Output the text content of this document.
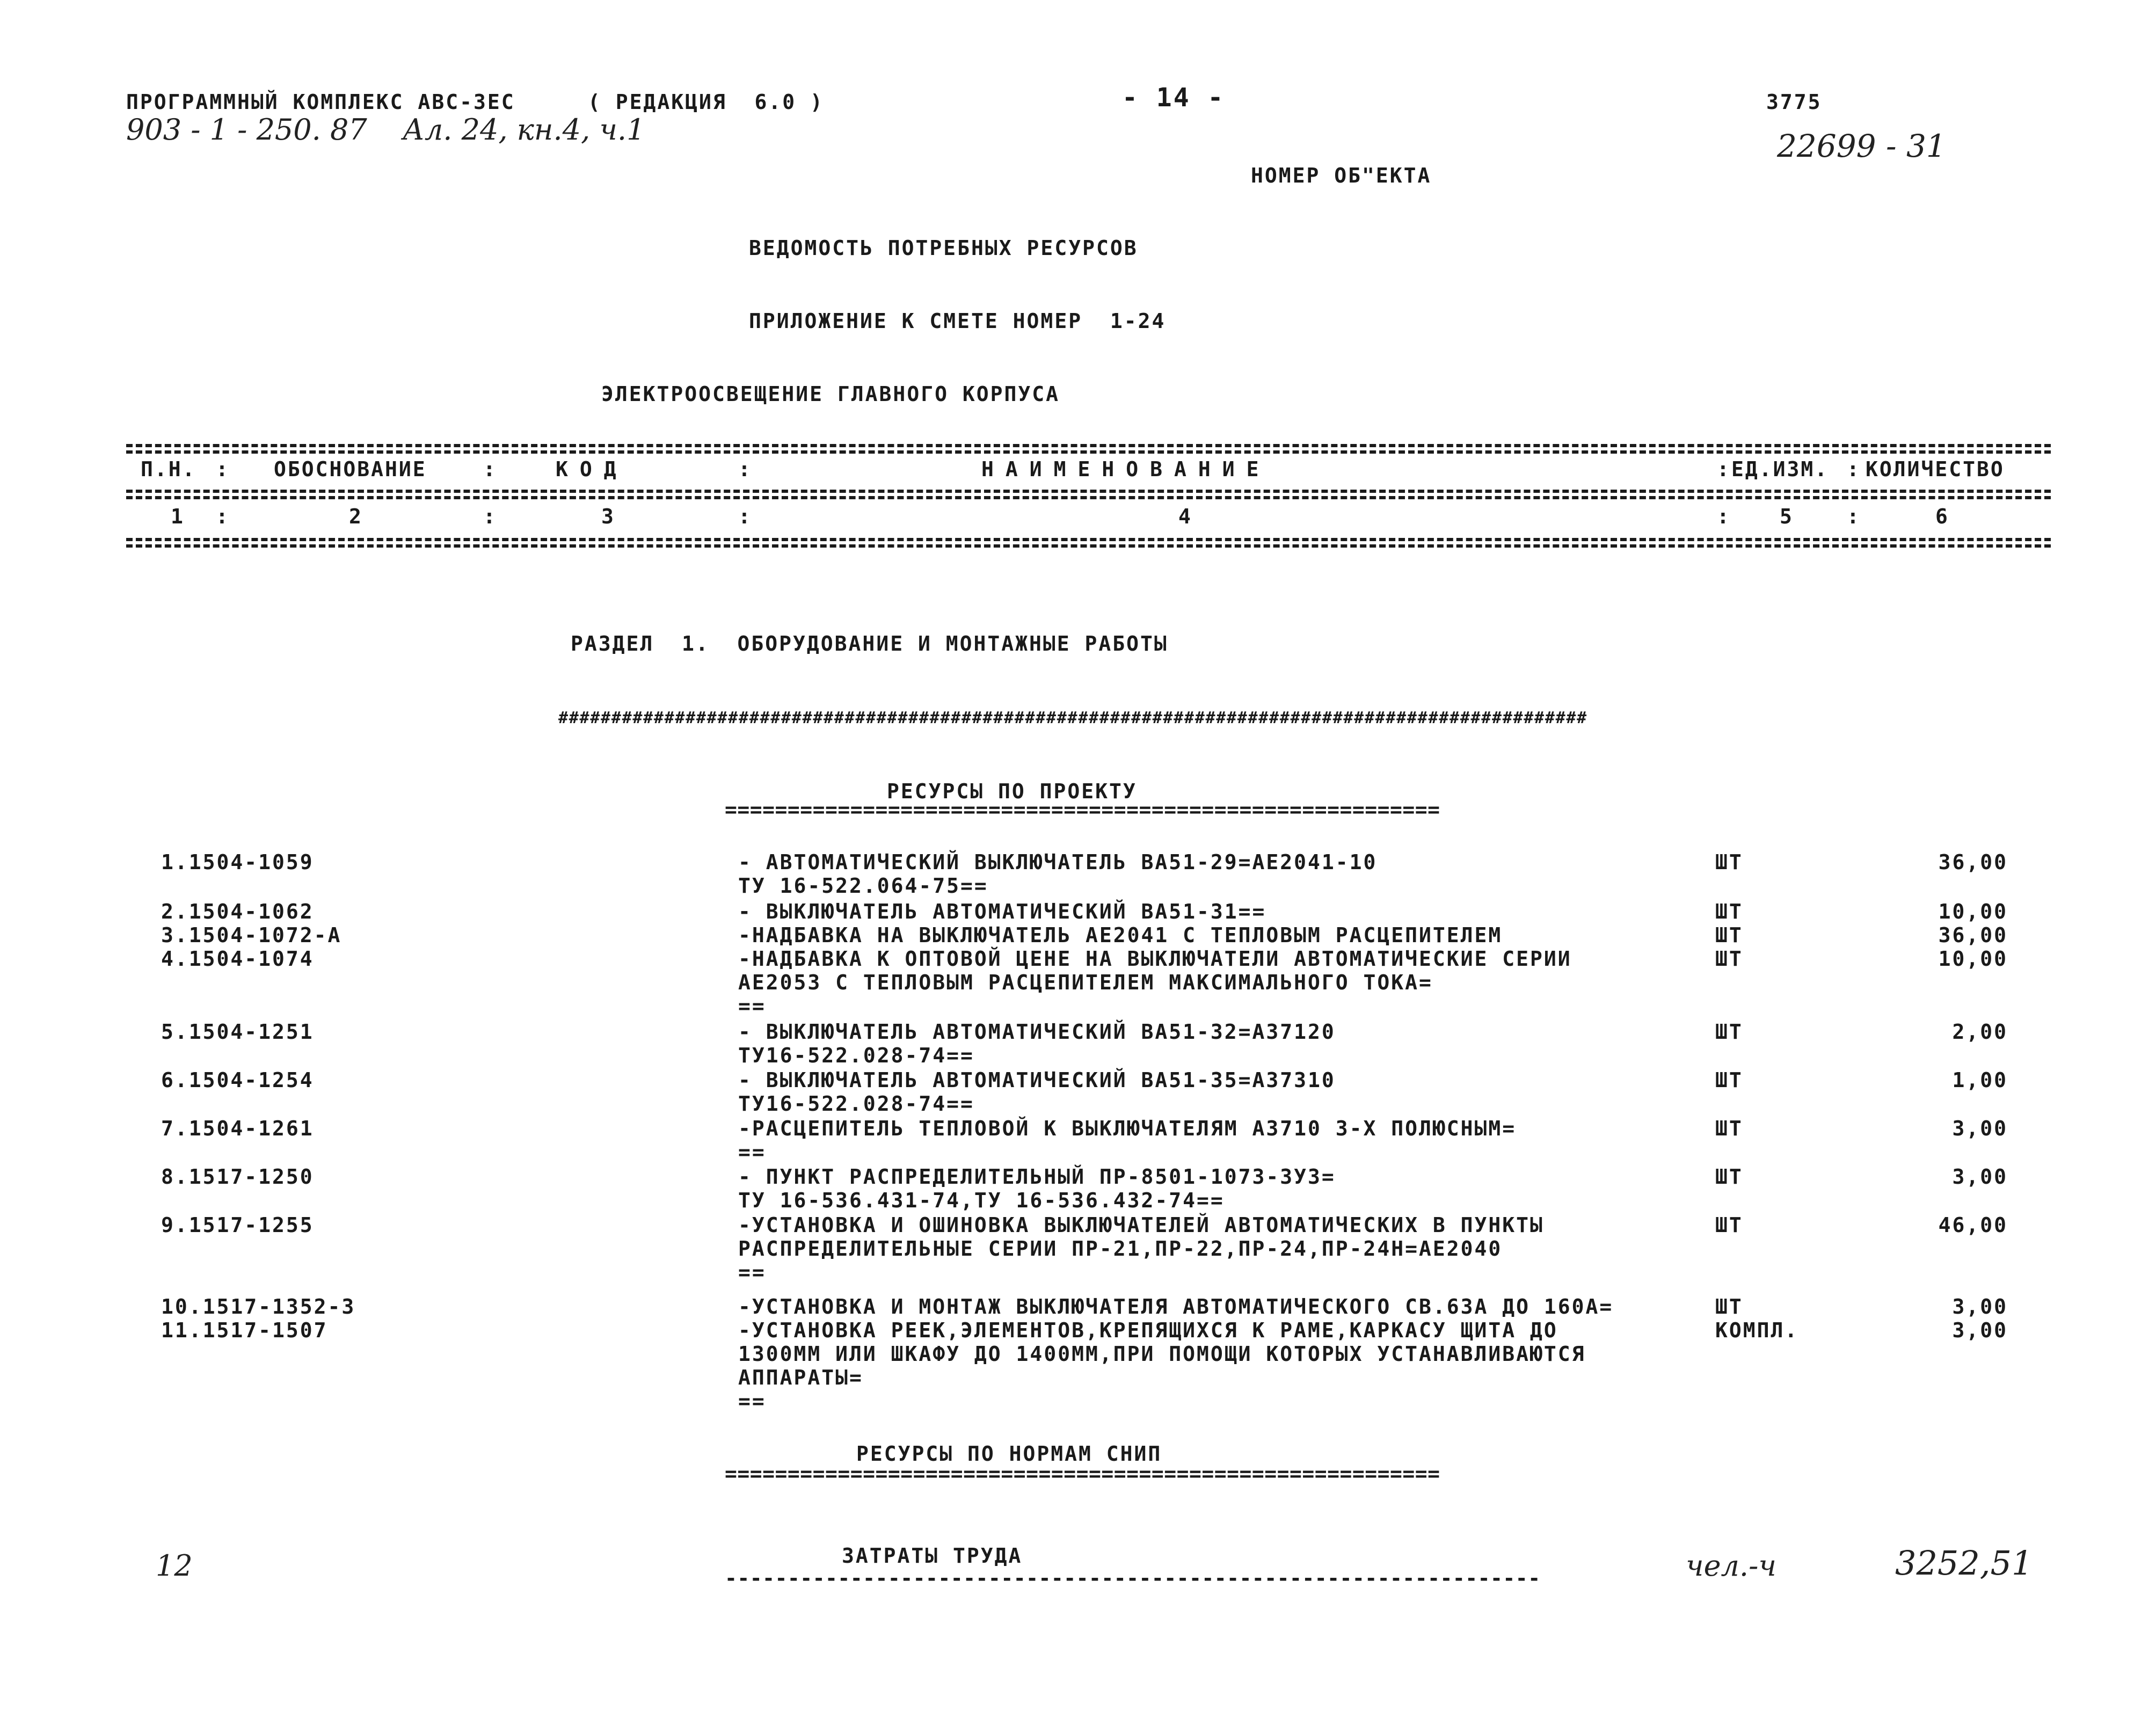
ПРОГРАММНЫЙ КОМПЛЕКС АВС-ЗЕС	( РЕДАКЦИЯ  6.0 )	- 14 -	3775
903 - 1 - 250. 87 Ал. 24, кн.4, ч.1	22699 - 31
НОМЕР ОБ"ЕКТА
ВЕДОМОСТЬ ПОТРЕБНЫХ РЕСУРСОВ
ПРИЛОЖЕНИЕ К СМЕТЕ НОМЕР  1-24
ЭЛЕКТРООСВЕЩЕНИЕ ГЛАВНОГО КОРПУСА
П.Н.	ОБОСНОВАНИЕ	КОД	НАИМЕНОВАНИЕ	ЕД.ИЗМ. КОЛИЧЕСТВО
:	:	:	:	:
1	2	3	4	5	6
:	:	:	:	:
РАЗДЕЛ  1.  ОБОРУДОВАНИЕ И МОНТАЖНЫЕ РАБОТЫ
#################################################################################################
РЕСУРСЫ ПО ПРОЕКТУ
=========================================================
1.1504-1059	- АВТОМАТИЧЕСКИЙ ВЫКЛЮЧАТЕЛЬ ВА51-29=АЕ2041-10
ТУ 16-522.064-75==
ШТ	36,00
2.1504-1062	- ВЫКЛЮЧАТЕЛЬ АВТОМАТИЧЕСКИЙ ВА51-31==	ШТ	10,00
3.1504-1072-А	-НАДБАВКА НА ВЫКЛЮЧАТЕЛЬ АЕ2041 С ТЕПЛОВЫМ РАСЦЕПИТЕЛЕМ	ШТ	36,00
4.1504-1074	-НАДБАВКА К ОПТОВОЙ ЦЕНЕ НА ВЫКЛЮЧАТЕЛИ АВТОМАТИЧЕСКИЕ СЕРИИ
АЕ2053 С ТЕПЛОВЫМ РАСЦЕПИТЕЛЕМ МАКСИМАЛЬНОГО ТОКА=
==
ШТ	10,00
5.1504-1251	- ВЫКЛЮЧАТЕЛЬ АВТОМАТИЧЕСКИЙ ВА51-32=А37120
ТУ16-522.028-74==
ШТ	2,00
6.1504-1254	- ВЫКЛЮЧАТЕЛЬ АВТОМАТИЧЕСКИЙ ВА51-35=А37310
ТУ16-522.028-74==
ШТ	1,00
7.1504-1261	-РАСЦЕПИТЕЛЬ ТЕПЛОВОЙ К ВЫКЛЮЧАТЕЛЯМ А3710 3-Х ПОЛЮСНЫМ=
==
ШТ	3,00
8.1517-1250	- ПУНКТ РАСПРЕДЕЛИТЕЛЬНЫЙ ПР-8501-1073-3У3=
ТУ 16-536.431-74,ТУ 16-536.432-74==
ШТ	3,00
9.1517-1255	-УСТАНОВКА И ОШИНОВКА ВЫКЛЮЧАТЕЛЕЙ АВТОМАТИЧЕСКИХ В ПУНКТЫ
РАСПРЕДЕЛИТЕЛЬНЫЕ СЕРИИ ПР-21,ПР-22,ПР-24,ПР-24Н=АЕ2040
==
ШТ	46,00
10.1517-1352-3	-УСТАНОВКА И МОНТАЖ ВЫКЛЮЧАТЕЛЯ АВТОМАТИЧЕСКОГО СВ.63А ДО 160А=	ШТ	3,00
11.1517-1507	-УСТАНОВКА РЕЕК,ЭЛЕМЕНТОВ,КРЕПЯЩИХСЯ К РАМЕ,КАРКАСУ ЩИТА ДО
1300ММ ИЛИ ШКАФУ ДО 1400ММ,ПРИ ПОМОЩИ КОТОРЫХ УСТАНАВЛИВАЮТСЯ
АППАРАТЫ=
==
КОМПЛ.	3,00
РЕСУРСЫ ПО НОРМАМ СНИП
=========================================================
ЗАТРАТЫ ТРУДА
-----------------------------------------------------------------
12	чел.-ч	3252,51
